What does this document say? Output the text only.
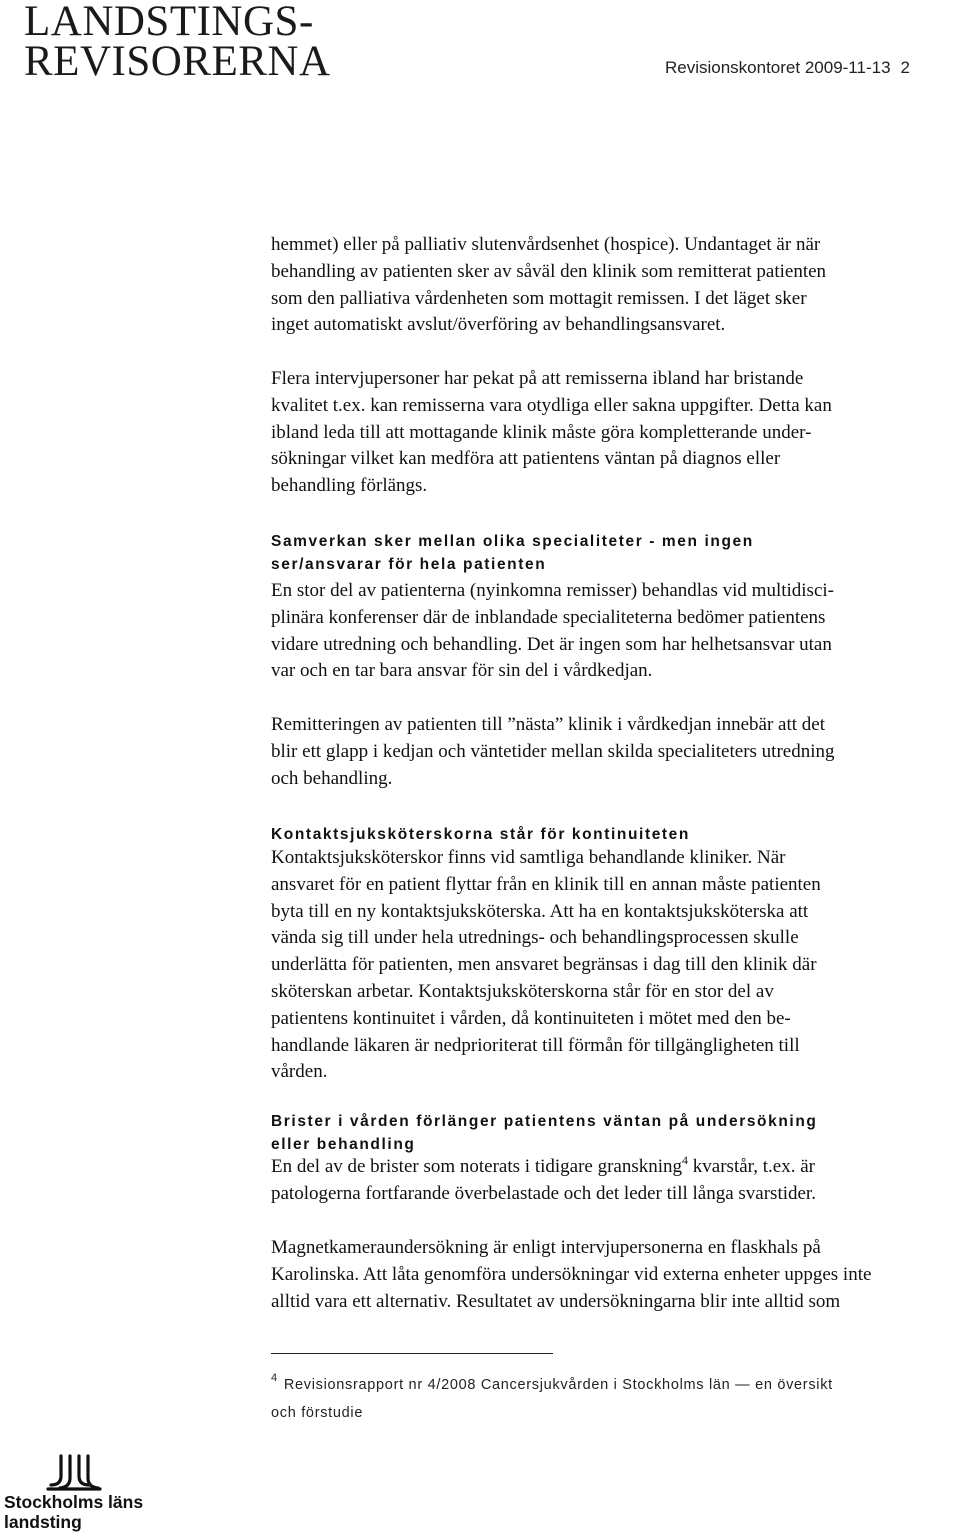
LANDSTINGS-
REVISORERNA	Revisionskontoret 2009-11-13 2

hemmet) eller på palliativ slutenvårdsenhet (hospice). Undantaget är när
behandling av patienten sker av såväl den klinik som remitterat patienten
som den palliativa vårdenheten som mottagit remissen. I det läget sker
inget automatiskt avslut/överföring av behandlingsansvaret.

Flera intervjupersoner har pekat på att remisserna ibland har bristande
kvalitet t.ex. kan remisserna vara otydliga eller sakna uppgifter. Detta kan
ibland leda till att mottagande klinik måste göra kompletterande under-
sökningar vilket kan medföra att patientens väntan på diagnos eller
behandling förlängs.

Samverkan sker mellan olika specialiteter - men ingen
ser/ansvarar för hela patienten

En stor del av patienterna (nyinkomna remisser) behandlas vid multidisci-
plinära konferenser där de inblandade specialiteterna bedömer patientens
vidare utredning och behandling. Det är ingen som har helhetsansvar utan
var och en tar bara ansvar för sin del i vårdkedjan.

Remitteringen av patienten till ”nästa” klinik i vårdkedjan innebär att det
blir ett glapp i kedjan och väntetider mellan skilda specialiteters utredning
och behandling.

Kontaktsjuksköterskorna står för kontinuiteten

Kontaktsjuksköterskor finns vid samtliga behandlande kliniker. När
ansvaret för en patient flyttar från en klinik till en annan måste patienten
byta till en ny kontaktsjuksköterska. Att ha en kontaktsjuksköterska att
vända sig till under hela utrednings- och behandlingsprocessen skulle
underlätta för patienten, men ansvaret begränsas i dag till den klinik där
sköterskan arbetar. Kontaktsjuksköterskorna står för en stor del av
patientens kontinuitet i vården, då kontinuiteten i mötet med den be-
handlande läkaren är nedprioriterat till förmån för tillgängligheten till
vården.

Brister i vården förlänger patientens väntan på undersökning
eller behandling

En del av de brister som noterats i tidigare granskning$^4$ kvarstår, t.ex. är
patologerna fortfarande överbelastade och det leder till långa svarstider.

Magnetkameraundersökning är enligt intervjupersonerna en flaskhals på
Karolinska. Att låta genomföra undersökningar vid externa enheter uppges inte
alltid vara ett alternativ. Resultatet av undersökningarna blir inte alltid som

$^4$ Revisionsrapport nr 4/2008 Cancersjukvården i Stockholms län — en översikt
och förstudie
Stockholms läns
landsting
